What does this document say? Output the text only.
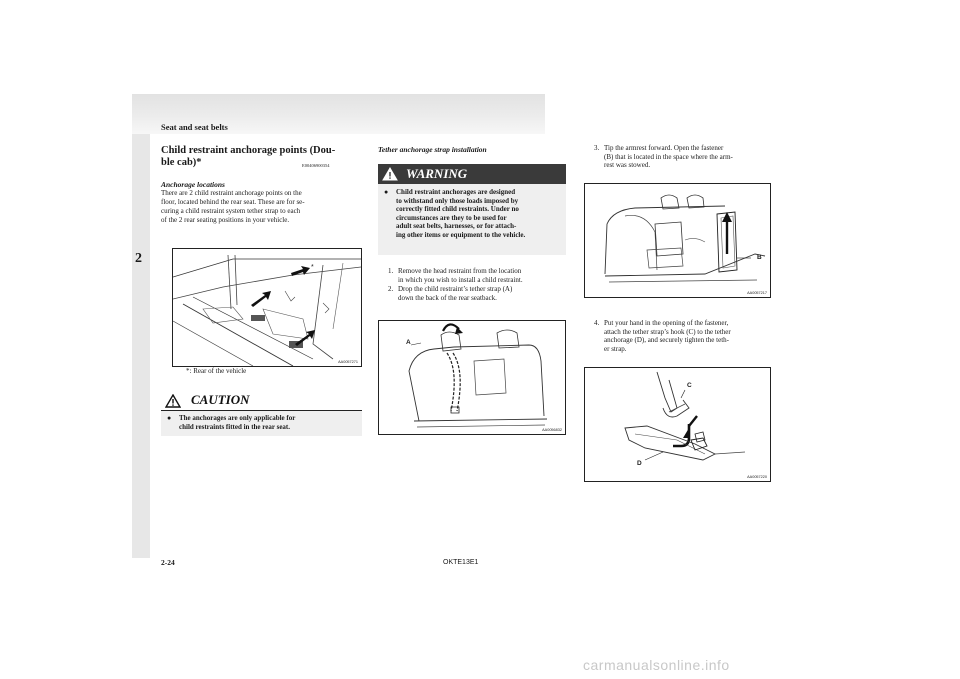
Seat and seat belts
2
Child restraint anchorage points (Dou-
ble cab)*	E00406900354
Anchorage locations
There are 2 child restraint anchorage points on the
floor, located behind the rear seat. These are for se-
curing a child restraint system tether strap to each
of the 2 rear seating positions in your vehicle.
*
AA0057271
*: Rear of the vehicle
CAUTION
● The anchorages are only applicable for
child restraints fitted in the rear seat.
Tether anchorage strap installation
WARNING
● Child restraint anchorages are designed
to withstand only those loads imposed by
correctly fitted child restraints. Under no
circumstances are they to be used for
adult seat belts, harnesses, or for attach-
ing other items or equipment to the vehicle.
1. Remove the head restraint from the location
in which you wish to install a child restraint.
2. Drop the child restraint’s tether strap (A)
down the back of the rear seatback.
A
AA0056832
3. Tip the armrest forward. Open the fastener
(B) that is located in the space where the arm-
rest was stowed.
B
AA0057217
4. Put your hand in the opening of the fastener,
attach the tether strap’s hook (C) to the tether
anchorage (D), and securely tighten the teth-
er strap.
C
D
AA0057220
2-24	OKTE13E1
carmanualsonline.info
